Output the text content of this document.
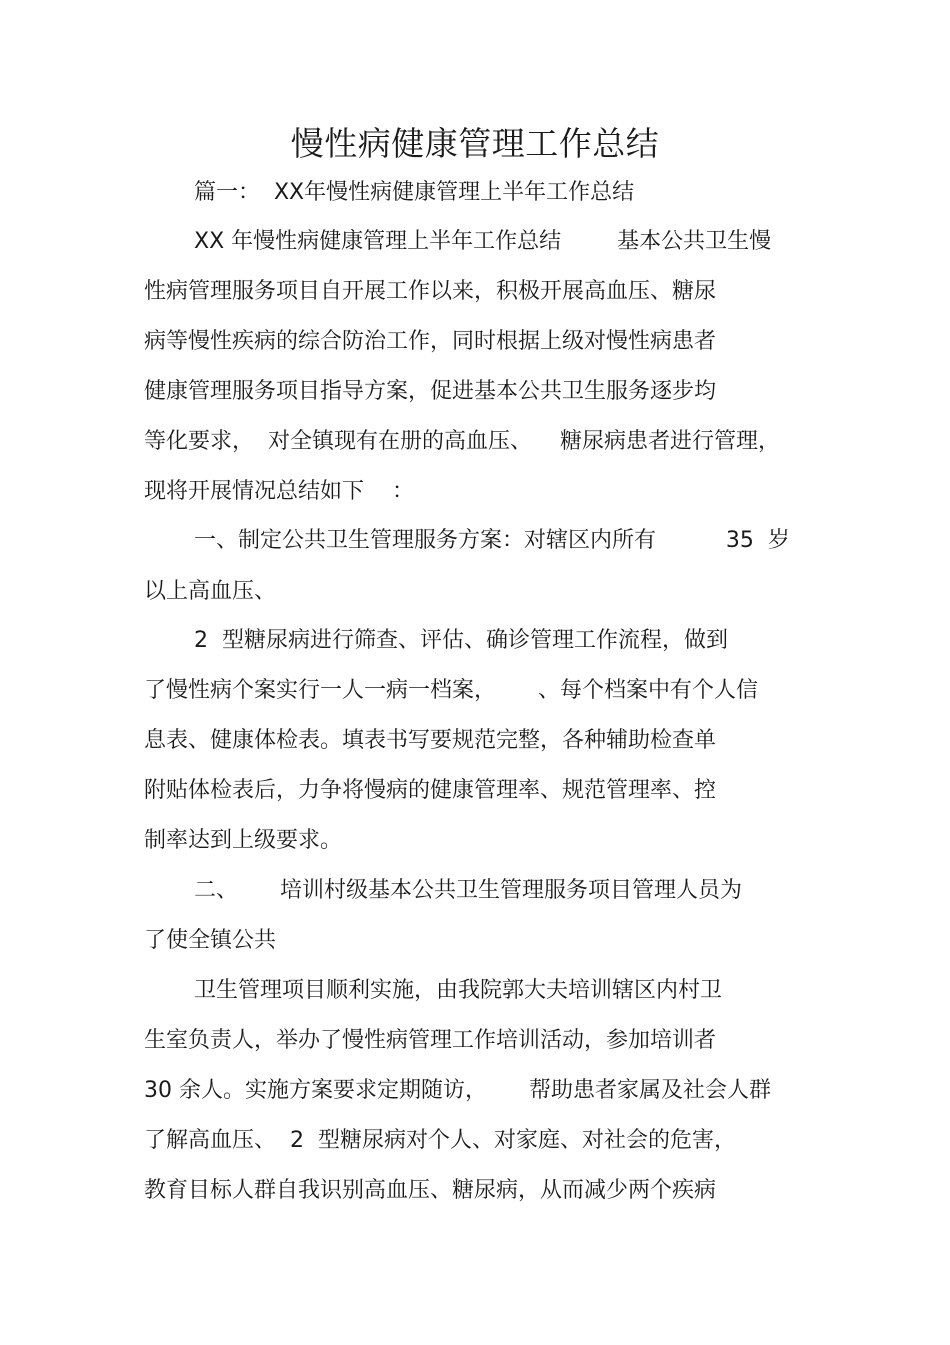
慢性病健康管理工作总结

篇一：  XX年慢性病健康管理上半年工作总结

XX 年慢性病健康管理上半年工作总结        基本公共卫生慢

性病管理服务项目自开展工作以来，积极开展高血压、糖尿

病等慢性疾病的综合防治工作，同时根据上级对慢性病患者

健康管理服务项目指导方案，促进基本公共卫生服务逐步均

等化要求，  对全镇现有在册的高血压、    糖尿病患者进行管理，

现将开展情况总结如下    ：

一、制定公共卫生管理服务方案：对辖区内所有          35  岁

以上高血压、

2  型糖尿病进行筛查、评估、确诊管理工作流程，做到

了慢性病个案实行一人一病一档案，      、每个档案中有个人信

息表、健康体检表。填表书写要规范完整，各种辅助检查单

附贴体检表后，力争将慢病的健康管理率、规范管理率、控

制率达到上级要求。

二、      培训村级基本公共卫生管理服务项目管理人员为

了使全镇公共

卫生管理项目顺利实施，由我院郭大夫培训辖区内村卫

生室负责人，举办了慢性病管理工作培训活动，参加培训者

30 余人。实施方案要求定期随访，      帮助患者家属及社会人群

了解高血压、  2  型糖尿病对个人、对家庭、对社会的危害，

教育目标人群自我识别高血压、糖尿病，从而减少两个疾病
